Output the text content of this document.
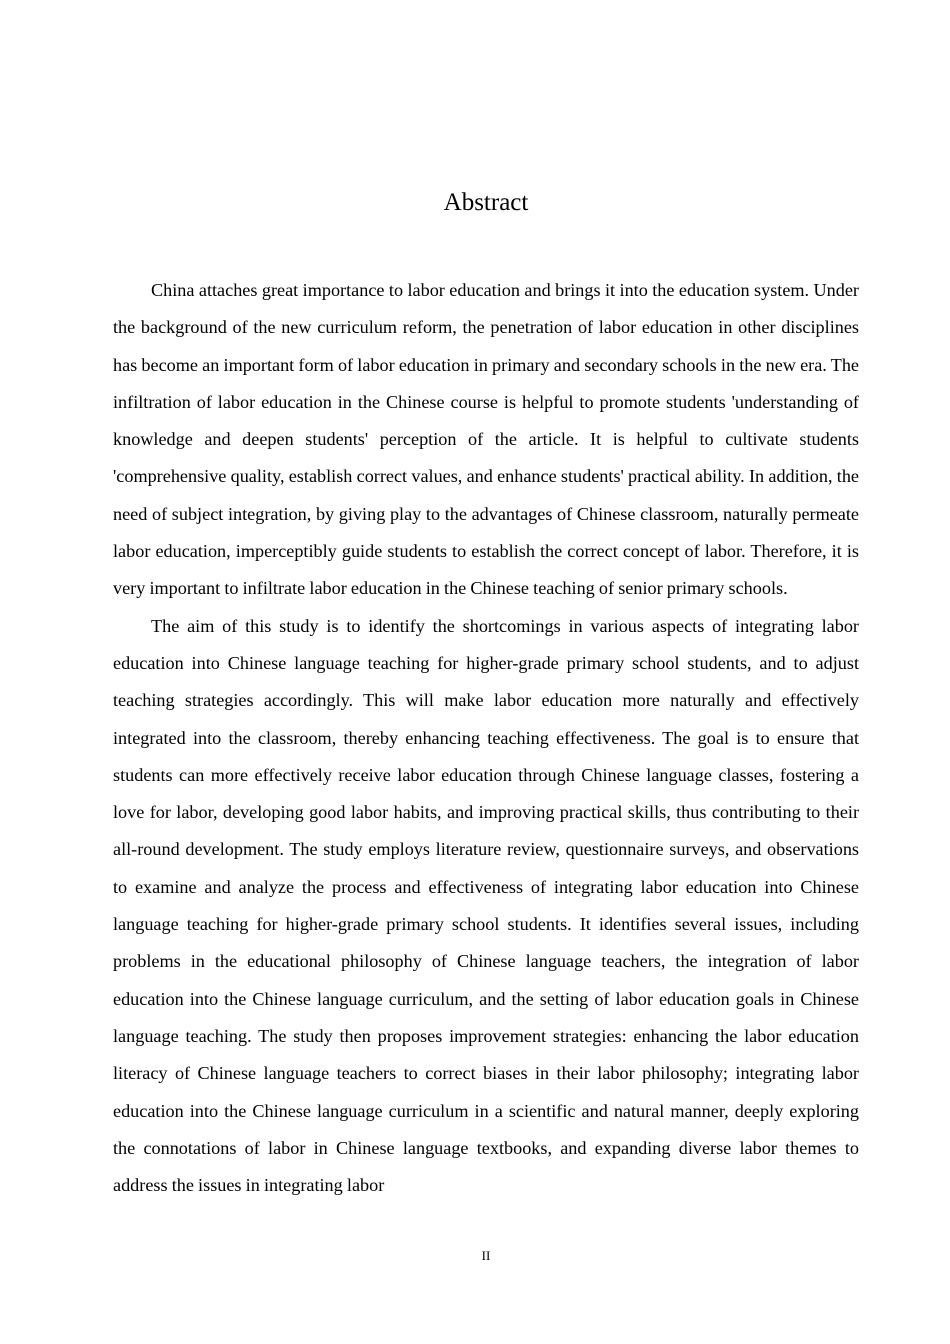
Abstract

China attaches great importance to labor education and brings it into the education system. Under the background of the new curriculum reform, the penetration of labor education in other disciplines has become an important form of labor education in primary and secondary schools in the new era. The infiltration of labor education in the Chinese course is helpful to promote students 'understanding of knowledge and deepen students' perception of the article. It is helpful to cultivate students 'comprehensive quality, establish correct values, and enhance students' practical ability. In addition, the need of subject integration, by giving play to the advantages of Chinese classroom, naturally permeate labor education, imperceptibly guide students to establish the correct concept of labor. Therefore, it is very important to infiltrate labor education in the Chinese teaching of senior primary schools.

The aim of this study is to identify the shortcomings in various aspects of integrating labor education into Chinese language teaching for higher-grade primary school students, and to adjust teaching strategies accordingly. This will make labor education more naturally and effectively integrated into the classroom, thereby enhancing teaching effectiveness. The goal is to ensure that students can more effectively receive labor education through Chinese language classes, fostering a love for labor, developing good labor habits, and improving practical skills, thus contributing to their all-round development. The study employs literature review, questionnaire surveys, and observations to examine and analyze the process and effectiveness of integrating labor education into Chinese language teaching for higher-grade primary school students. It identifies several issues, including problems in the educational philosophy of Chinese language teachers, the integration of labor education into the Chinese language curriculum, and the setting of labor education goals in Chinese language teaching. The study then proposes improvement strategies: enhancing the labor education literacy of Chinese language teachers to correct biases in their labor philosophy; integrating labor education into the Chinese language curriculum in a scientific and natural manner, deeply exploring the connotations of labor in Chinese language textbooks, and expanding diverse labor themes to address the issues in integrating labor

II
